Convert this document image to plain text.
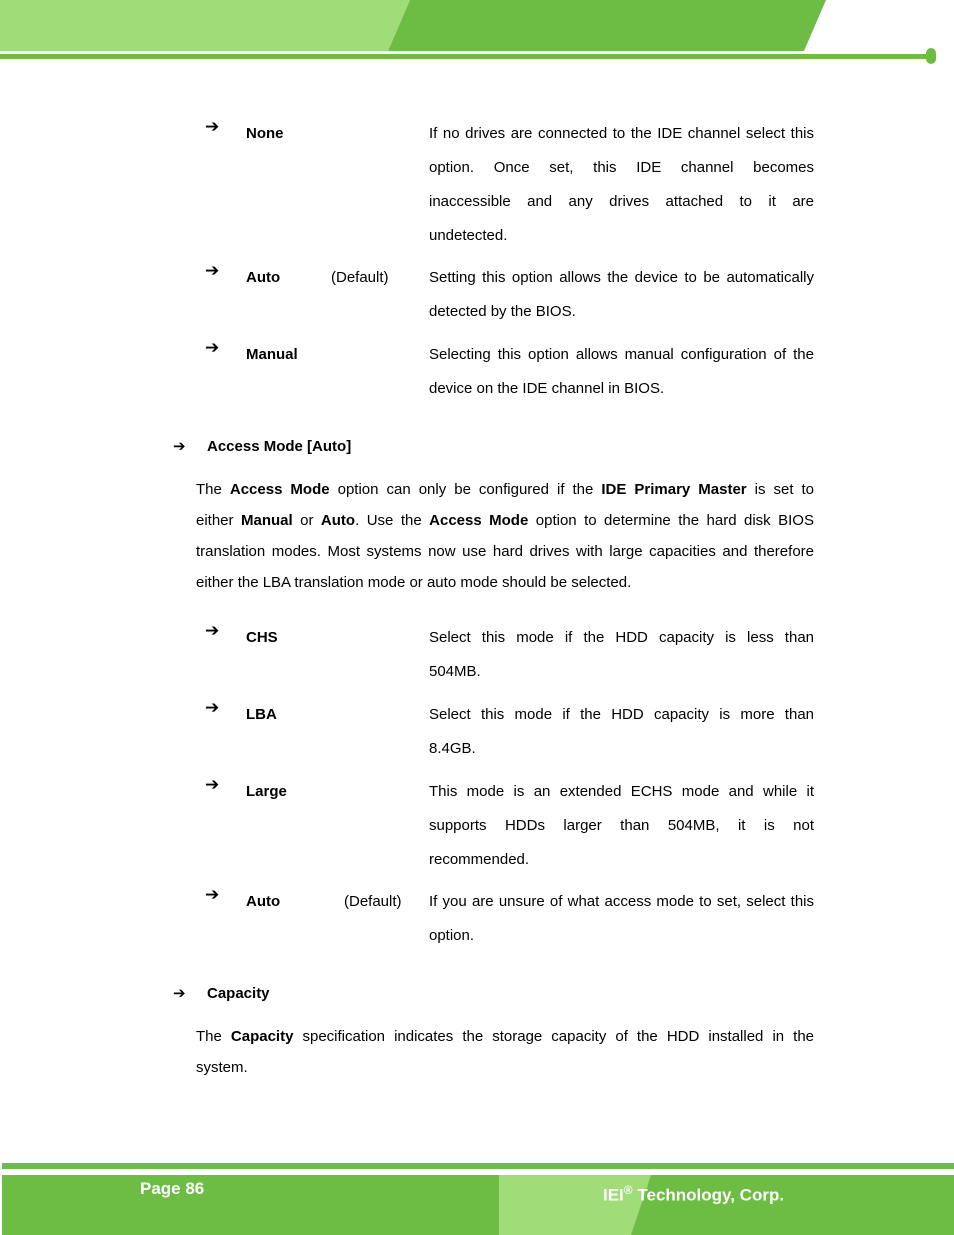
➔ None	If no drives are connected to the IDE channel select this
option. Once set, this IDE channel becomes
inaccessible and any drives attached to it are
undetected.
➔ Auto	(Default)	Setting this option allows the device to be automatically
detected by the BIOS.
➔ Manual	Selecting this option allows manual configuration of the
device on the IDE channel in BIOS.
➔ Access Mode [Auto]
The Access Mode option can only be configured if the IDE Primary Master is set to
either Manual or Auto. Use the Access Mode option to determine the hard disk BIOS
translation modes. Most systems now use hard drives with large capacities and therefore
either the LBA translation mode or auto mode should be selected.
➔ CHS	Select this mode if the HDD capacity is less than
504MB.
➔ LBA	Select this mode if the HDD capacity is more than
8.4GB.
➔ Large	This mode is an extended ECHS mode and while it
supports HDDs larger than 504MB, it is not
recommended.
➔ Auto	(Default) If you are unsure of what access mode to set, select this
option.
➔ Capacity
The Capacity specification indicates the storage capacity of the HDD installed in the
system.
Page 86	IEI® Technology, Corp.
